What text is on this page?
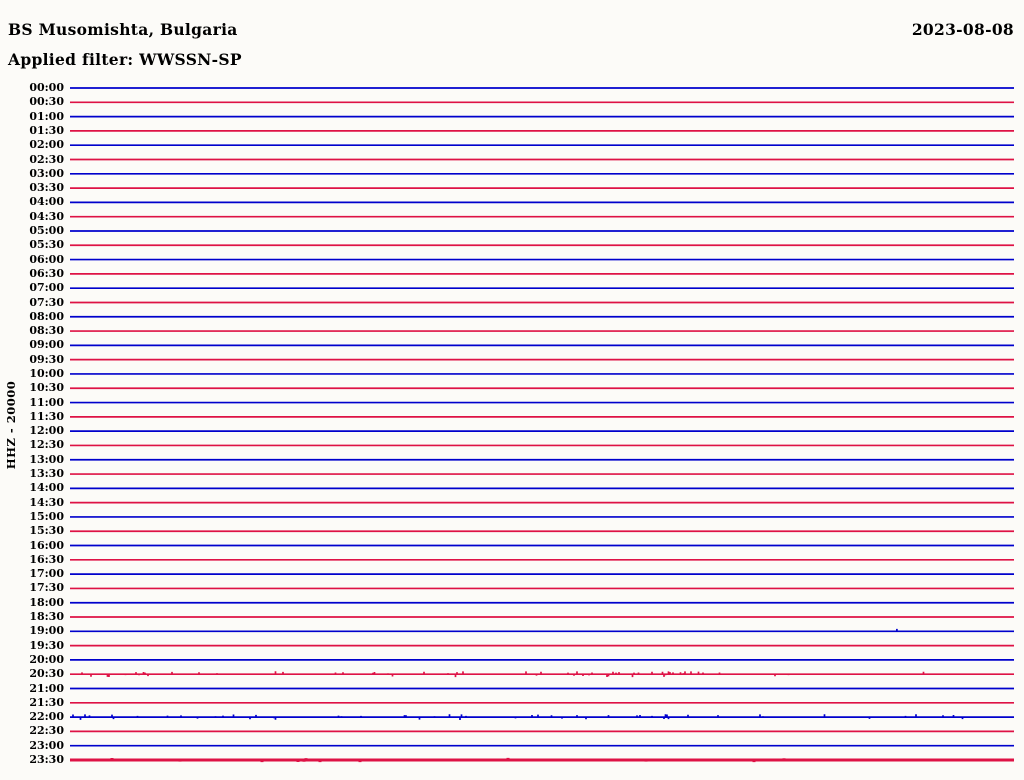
BS Musomishta, Bulgaria	2023-08-08
Applied filter: WWSSN-SP
HHZ - 20000
00:00
00:30
01:00
01:30
02:00
02:30
03:00
03:30
04:00
04:30
05:00
05:30
06:00
06:30
07:00
07:30
08:00
08:30
09:00
09:30
10:00
10:30
11:00
11:30
12:00
12:30
13:00
13:30
14:00
14:30
15:00
15:30
16:00
16:30
17:00
17:30
18:00
18:30
19:00
19:30
20:00
20:30
21:00
21:30
22:00
22:30
23:00
23:30
